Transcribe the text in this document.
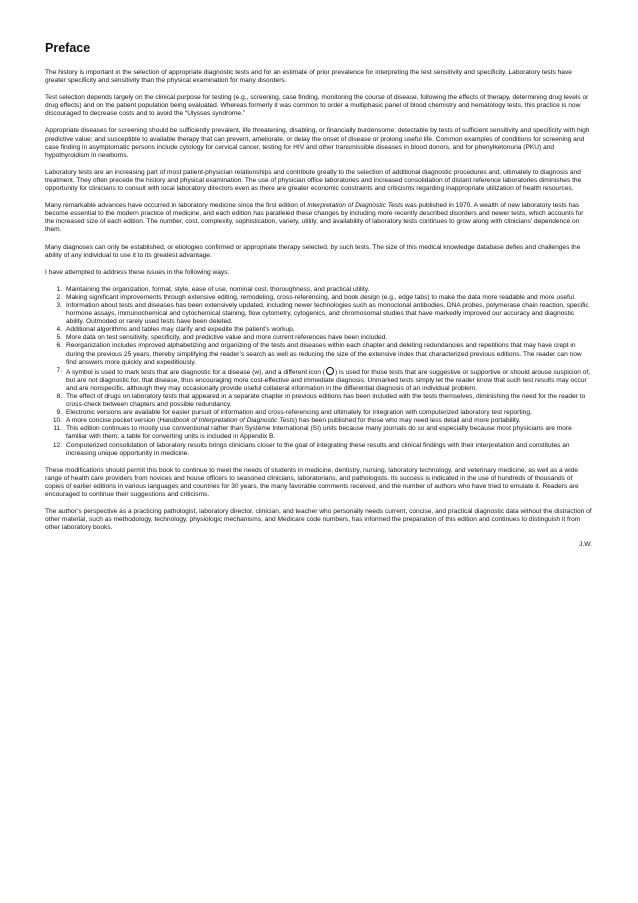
Preface

The history is important in the selection of appropriate diagnostic tests and for an estimate of prior prevalence for interpreting the test sensitivity and specificity. Laboratory tests have greater specificity and sensitivity than the physical examination for many disorders.

Test selection depends largely on the clinical purpose for testing (e.g., screening, case finding, monitoring the course of disease, following the effects of therapy, determining drug levels or drug effects) and on the patient population being evaluated. Whereas formerly it was common to order a multiphasic panel of blood chemistry and hematology tests, this practice is now discouraged to decrease costs and to avoid the “Ulysses syndrome.”

Appropriate diseases for screening should be sufficiently prevalent, life threatening, disabling, or financially burdensome; detectable by tests of sufficient sensitivity and specificity with high predictive value; and susceptible to available therapy that can prevent, ameliorate, or delay the onset of disease or prolong useful life. Common examples of conditions for screening and case finding in asymptomatic persons include cytology for cervical cancer, testing for HIV and other transmissible diseases in blood donors, and for phenylketonuria (PKU) and hypothyroidism in newborns.

Laboratory tests are an increasing part of most patient-physician relationships and contribute greatly to the selection of additional diagnostic procedures and, ultimately to diagnosis and treatment. They often precede the history and physical examination. The use of physician office laboratories and increased consolidation of distant reference laboratories diminishes the opportunity for clinicians to consult with local laboratory directors even as there are greater economic constraints and criticisms regarding inappropriate utilization of health resources.

Many remarkable advances have occurred in laboratory medicine since the first edition of Interpretation of Diagnostic Tests was published in 1970. A wealth of new laboratory tests has become essential to the modern practice of medicine, and each edition has paralleled these changes by including more recently described disorders and newer tests, which accounts for the increased size of each edition. The number, cost, complexity, sophistication, variety, utility, and availability of laboratory tests continues to grow along with clinicians’ dependence on them.

Many diagnoses can only be established, or etiologies confirmed or appropriate therapy selected, by such tests. The size of this medical knowledge database defies and challenges the ability of any individual to use it to its greatest advantage.

I have attempted to address these issues in the following ways:

1. Maintaining the organization, format, style, ease of use, nominal cost, thoroughness, and practical utility.
2. Making significant improvements through extensive editing, remodeling, cross-referencing, and book design (e.g., edge tabs) to make the data more readable and more useful.
3. Information about tests and diseases has been extensively updated, including newer technologies such as monoclonal antibodies, DNA probes, polymerase chain reaction, specific hormone assays, immunochemical and cytochemical staining, flow cytometry, cytogenics, and chromosomal studies that have markedly improved our accuracy and diagnostic ability. Outmoded or rarely used tests have been deleted.
4. Additional algorithms and tables may clarify and expedite the patient’s workup.
5. More data on test sensitivity, specificity, and predictive value and more current references have been included.
6. Reorganization includes improved alphabetizing and organizing of the tests and diseases within each chapter and deleting redundancies and repetitions that may have crept in during the previous 25 years, thereby simplifying the reader’s search as well as reducing the size of the extensive index that characterized previous editions. The reader can now find answers more quickly and expeditiously.
7. A symbol is used to mark tests that are diagnostic for a disease (w), and a different icon ( ) is used for those tests that are suggestive or supportive or should arouse suspicion of, but are not diagnostic for, that disease, thus encouraging more cost-effective and immediate diagnosis. Unmarked tests simply let the reader know that such test results may occur and are nonspecific, although they may occasionally provide useful collateral information in the differential diagnosis of an individual problem.
8. The effect of drugs on laboratory tests that appeared in a separate chapter in previous editions has been included with the tests themselves, diminishing the need for the reader to cross-check between chapters and possible redundancy.
9. Electronic versions are available for easier pursuit of information and cross-referencing and ultimately for integration with computerized laboratory test reporting.
10. A more concise pocket version (Handbook of Interpretation of Diagnostic Tests) has been published for those who may need less detail and more portability.
11. This edition continues to mostly use conventional rather than Système International (SI) units because many journals do so and especially because most physicians are more familiar with them; a table for converting units is included in Appendix B.
12. Computerized consolidation of laboratory results brings clinicians closer to the goal of integrating these results and clinical findings with their interpretation and constitutes an increasing unique opportunity in medicine.

These modifications should permit this book to continue to meet the needs of students in medicine, dentistry, nursing, laboratory technology, and veterinary medicine, as well as a wide range of health care providers from novices and house officers to seasoned clinicians, laboratorians, and pathologists. Its success is indicated in the use of hundreds of thousands of copies of earlier editions in various languages and countries for 30 years, the many favorable comments received, and the number of authors who have tried to emulate it. Readers are encouraged to continue their suggestions and criticisms.

The author’s perspective as a practicing pathologist, laboratory director, clinician, and teacher who personally needs current, concise, and practical diagnostic data without the distraction of other material, such as methodology, technology, physiologic mechanisms, and Medicare code numbers, has informed the preparation of this edition and continues to distinguish it from other laboratory books.

J.W.
